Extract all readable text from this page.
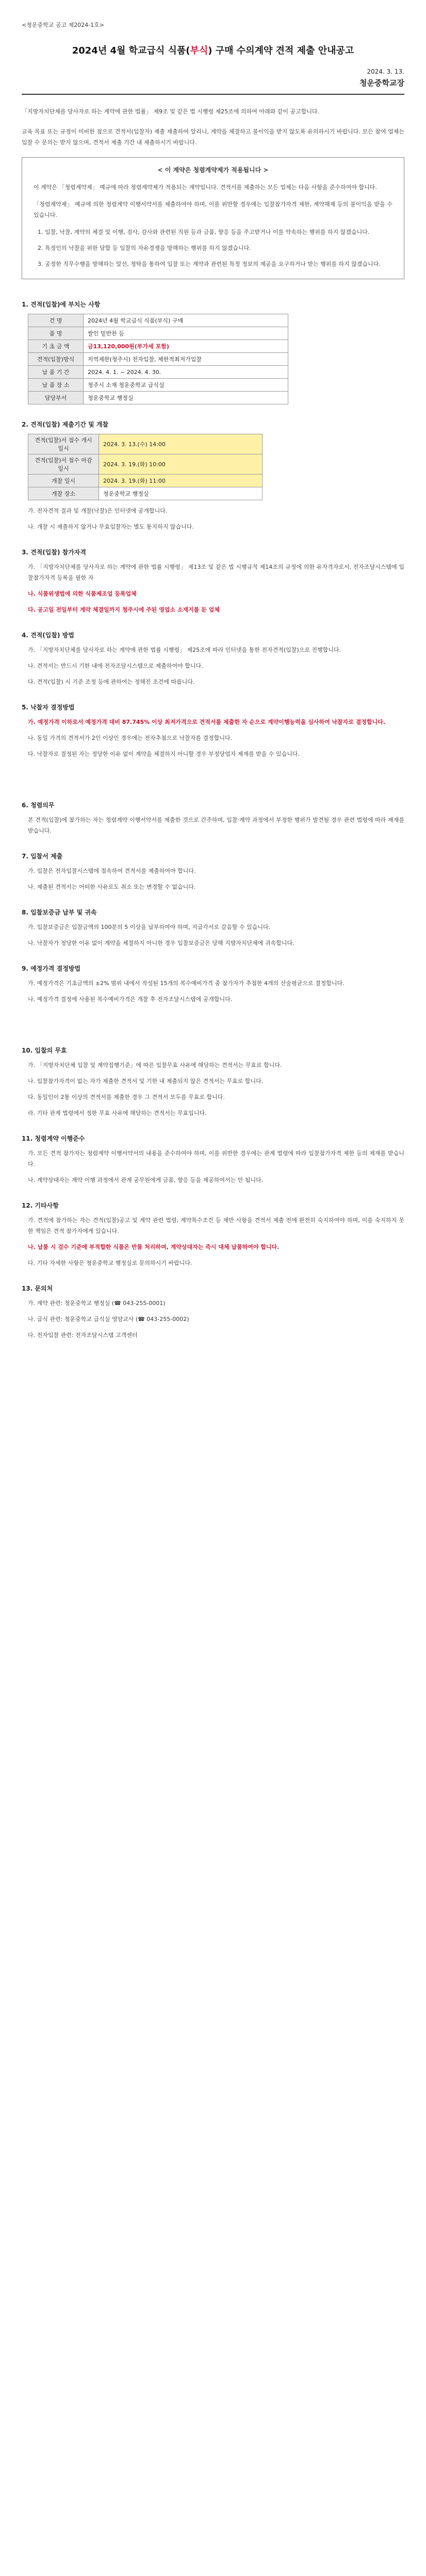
<청운중학교 공고 제2024-1호>
2024년 4월 학교급식 식품(부식) 구매 수의계약 견적 제출 안내공고
2024. 3. 13.
청운중학교장
「지방자치단체를 당사자로 하는 계약에 관한 법률」 제9조 및 같은 법 시행령 제25조에 의하여 아래와 같이 공고합니다.
교육 목표 또는 규정이 미비한 점으로 견적서(입찰자) 제출 제출하여 알리니, 계약을 체결하고 불이익을 받지 않도록 유의하시기 바랍니다. 모든 참여 업체는 입찰 수 문의는 받지 않으며, 견적서 제출 기간 내 제출하시기 바랍니다.
< 이 계약은 청렴계약제가 적용됩니다 >

이 계약은 「청렴계약제」 예규에 따라 청렴계약제가 적용되는 계약입니다. 견적서를 제출하는 모든 업체는 다음 사항을 준수하여야 합니다.

「청렴계약제」 예규에 의한 청렴계약 이행서약서를 제출하여야 하며, 이를 위반할 경우에는 입찰참가자격 제한, 계약해제 등의 불이익을 받을 수 있습니다.

1. 입찰, 낙찰, 계약의 체결 및 이행, 검사, 감사와 관련된 직원 등과 금품, 향응 등을 주고받거나 이를 약속하는 행위를 하지 않겠습니다.
2. 특정인의 낙찰을 위한 담합 등 입찰의 자유경쟁을 방해하는 행위를 하지 않겠습니다.
3. 공정한 직무수행을 방해하는 알선, 청탁을 통하여 입찰 또는 계약과 관련된 특정 정보의 제공을 요구하거나 받는 행위를 하지 않겠습니다.
1. 견적(입찰)에 부치는 사항
건 명	2024년 4월 학교급식 식품(부식) 구매
품 명	쌀인 밑반찬 등
기 초 금 액	금13,120,000원(부가세 포함)
견적(입찰)방식	지역제한(청주시) 전자입찰, 제한적최저가입찰
납 품 기 간	2024. 4. 1. ~ 2024. 4. 30.
납 품 장 소	청주시 소재 청운중학교 급식실
담당부서	청운중학교 행정실
2. 견적(입찰) 제출기간 및 개찰
견적(입찰)서 접수 개시일시	2024. 3. 13.(수) 14:00
견적(입찰)서 접수 마감일시	2024. 3. 19.(화) 10:00
개찰 일시	2024. 3. 19.(화) 11:00
개찰 장소	청운중학교 행정실
가. 전자견적 결과 및 개찰(낙찰)은 인터넷에 공개합니다.
나. 개찰 시 제출하지 않거나 무효입찰자는 별도 통지하지 않습니다.
3. 견적(입찰) 참가자격
가. 「지방자치단체를 당사자로 하는 계약에 관한 법률 시행령」 제13조 및 같은 법 시행규칙 제14조의 규정에 의한 유자격자로서, 전자조달시스템에 입찰참가자격 등록을 필한 자
나. 식품위생법에 의한 식품제조업 등록업체
다. 공고일 전일부터 계약 체결일까지 청주시에 주된 영업소 소재지를 둔 업체
4. 견적(입찰) 방법
가. 「지방자치단체를 당사자로 하는 계약에 관한 법률 시행령」 제25조에 따라 인터넷을 통한 전자견적(입찰)으로 진행합니다.
나. 견적서는 반드시 기한 내에 전자조달시스템으로 제출하여야 합니다.
다. 견적(입찰) 시 기준 조정 등에 관하여는 정해진 조건에 따릅니다.
5. 낙찰자 결정방법
가. 예정가격 이하로서 예정가격 대비 87.745% 이상 최저가격으로 견적서를 제출한 자 순으로 계약이행능력을 심사하여 낙찰자로 결정합니다.
나. 동일 가격의 견적서가 2인 이상인 경우에는 전자추첨으로 낙찰자를 결정합니다.
다. 낙찰자로 결정된 자는 정당한 이유 없이 계약을 체결하지 아니할 경우 부정당업자 제재를 받을 수 있습니다.
6. 청렴의무
본 견적(입찰)에 참가하는 자는 청렴계약 이행서약서를 제출한 것으로 간주하며, 입찰·계약 과정에서 부정한 행위가 발견될 경우 관련 법령에 따라 제재를 받습니다.
7. 입찰서 제출
가. 입찰은 전자입찰시스템에 접속하여 견적서를 제출하여야 합니다.
나. 제출된 견적서는 어떠한 사유로도 취소 또는 변경할 수 없습니다.
8. 입찰보증금 납부 및 귀속
가. 입찰보증금은 입찰금액의 100분의 5 이상을 납부하여야 하며, 지급각서로 갈음할 수 있습니다.
나. 낙찰자가 정당한 이유 없이 계약을 체결하지 아니한 경우 입찰보증금은 당해 지방자치단체에 귀속합니다.
9. 예정가격 결정방법
가. 예정가격은 기초금액의 ±2% 범위 내에서 작성된 15개의 복수예비가격 중 참가자가 추첨한 4개의 산술평균으로 결정합니다.
나. 예정가격 결정에 사용된 복수예비가격은 개찰 후 전자조달시스템에 공개합니다.
10. 입찰의 무효
가. 「지방자치단체 입찰 및 계약집행기준」에 따른 입찰무효 사유에 해당하는 견적서는 무효로 합니다.
나. 입찰참가자격이 없는 자가 제출한 견적서 및 기한 내 제출되지 않은 견적서는 무효로 합니다.
다. 동일인이 2통 이상의 견적서를 제출한 경우 그 견적서 모두를 무효로 합니다.
라. 기타 관계 법령에서 정한 무효 사유에 해당하는 견적서는 무효입니다.
11. 청렴계약 이행준수
가. 모든 견적 참가자는 청렴계약 이행서약서의 내용을 준수하여야 하며, 이를 위반한 경우에는 관계 법령에 따라 입찰참가자격 제한 등의 제재를 받습니다.
나. 계약상대자는 계약 이행 과정에서 관계 공무원에게 금품, 향응 등을 제공하여서는 안 됩니다.
12. 기타사항
가. 견적에 참가하는 자는 견적(입찰)공고 및 계약 관련 법령, 계약특수조건 등 제반 사항을 견적서 제출 전에 완전히 숙지하여야 하며, 이를 숙지하지 못한 책임은 견적 참가자에게 있습니다.
나. 납품 시 검수 기준에 부적합한 식품은 반품 처리하며, 계약상대자는 즉시 대체 납품하여야 합니다.
다. 기타 자세한 사항은 청운중학교 행정실로 문의하시기 바랍니다.
13. 문의처
가. 계약 관련: 청운중학교 행정실 (☎ 043-255-0001)
나. 급식 관련: 청운중학교 급식실 영양교사 (☎ 043-255-0002)
다. 전자입찰 관련: 전자조달시스템 고객센터
